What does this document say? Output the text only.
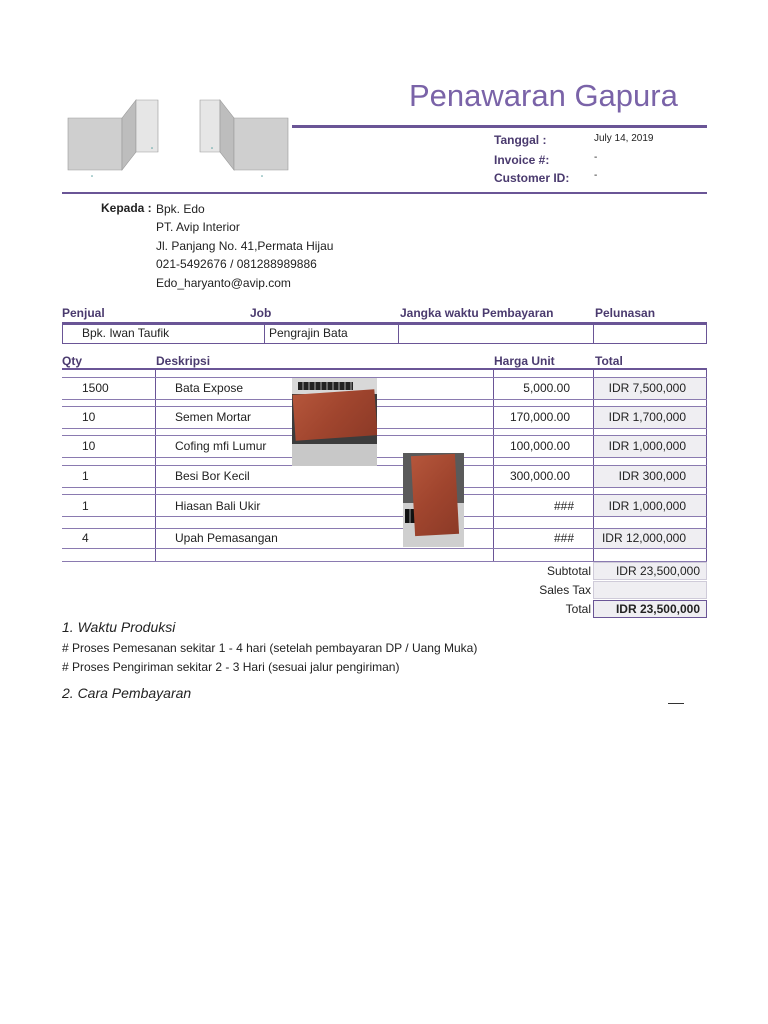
Penawaran Gapura
Tanggal :	July 14, 2019
Invoice #:	-
Customer ID: -
Kepada : Bpk. Edo
PT. Avip Interior
Jl. Panjang No. 41,Permata Hijau
021-5492676 / 081288989886
Edo_haryanto@avip.com
Penjual	Job	Jangka waktu Pembayaran	Pelunasan
Bpk. Iwan Taufik	Pengrajin Bata
Qty	Deskripsi	Harga Unit	Total
1500	Bata Expose	5,000.00	IDR 7,500,000
10	Semen Mortar	170,000.00	IDR 1,700,000
10	Cofing mfi Lumur	100,000.00	IDR 1,000,000
1	Besi Bor Kecil	300,000.00	IDR 300,000
1	Hiasan Bali Ukir	###	IDR 1,000,000
4	Upah Pemasangan	###	IDR 12,000,000
Subtotal	IDR 23,500,000
Sales Tax
Total	IDR 23,500,000
1. Waktu Produksi
# Proses Pemesanan sekitar 1 - 4 hari (setelah pembayaran DP / Uang Muka)
# Proses Pengiriman sekitar 2 - 3 Hari (sesuai jalur pengiriman)
2. Cara Pembayaran
